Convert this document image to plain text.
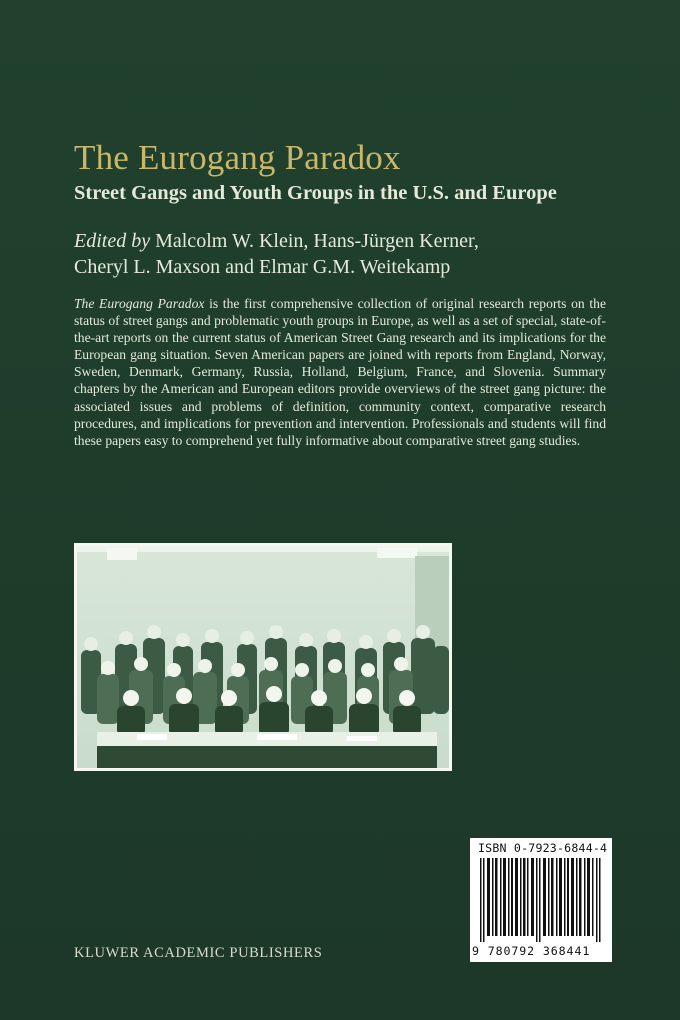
The Eurogang Paradox
Street Gangs and Youth Groups in the U.S. and Europe
Edited by Malcolm W. Klein, Hans-Jürgen Kerner,
Cheryl L. Maxson and Elmar G.M. Weitekamp
The Eurogang Paradox is the first comprehensive collection of original research reports on the status of street gangs and problematic youth groups in Europe, as well as a set of special, state-of-the-art reports on the current status of American Street Gang research and its implications for the European gang situation. Seven American papers are joined with reports from England, Norway, Sweden, Denmark, Germany, Russia, Holland, Belgium, France, and Slovenia. Summary chapters by the American and European editors provide overviews of the street gang picture: the associated issues and problems of definition, community context, comparative research procedures, and implications for prevention and intervention. Professionals and students will find these papers easy to comprehend yet fully informative about comparative street gang studies.
ISBN 0-7923-6844-4
9 780792 368441
KLUWER ACADEMIC PUBLISHERS
